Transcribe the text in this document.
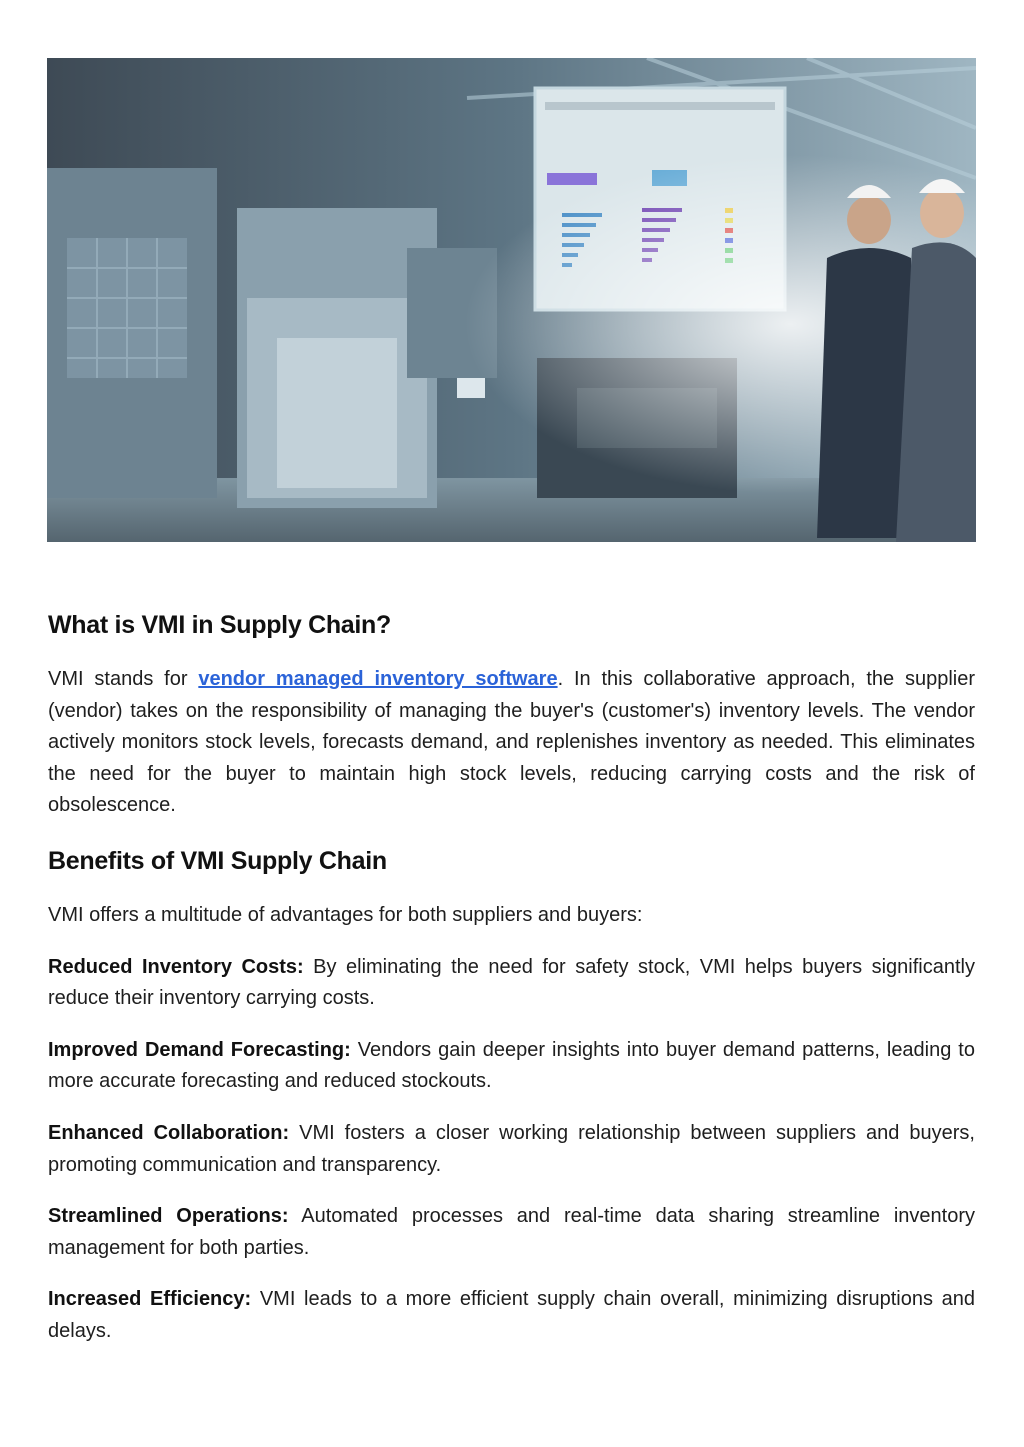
What is VMI in Supply Chain?

VMI stands for vendor managed inventory software. In this collaborative approach, the supplier (vendor) takes on the responsibility of managing the buyer's (customer's) inventory levels. The vendor actively monitors stock levels, forecasts demand, and replenishes inventory as needed. This eliminates the need for the buyer to maintain high stock levels, reducing carrying costs and the risk of obsolescence.

Benefits of VMI Supply Chain

VMI offers a multitude of advantages for both suppliers and buyers:

Reduced Inventory Costs: By eliminating the need for safety stock, VMI helps buyers significantly reduce their inventory carrying costs.

Improved Demand Forecasting: Vendors gain deeper insights into buyer demand patterns, leading to more accurate forecasting and reduced stockouts.

Enhanced Collaboration: VMI fosters a closer working relationship between suppliers and buyers, promoting communication and transparency.

Streamlined Operations: Automated processes and real-time data sharing streamline inventory management for both parties.

Increased Efficiency: VMI leads to a more efficient supply chain overall, minimizing disruptions and delays.
